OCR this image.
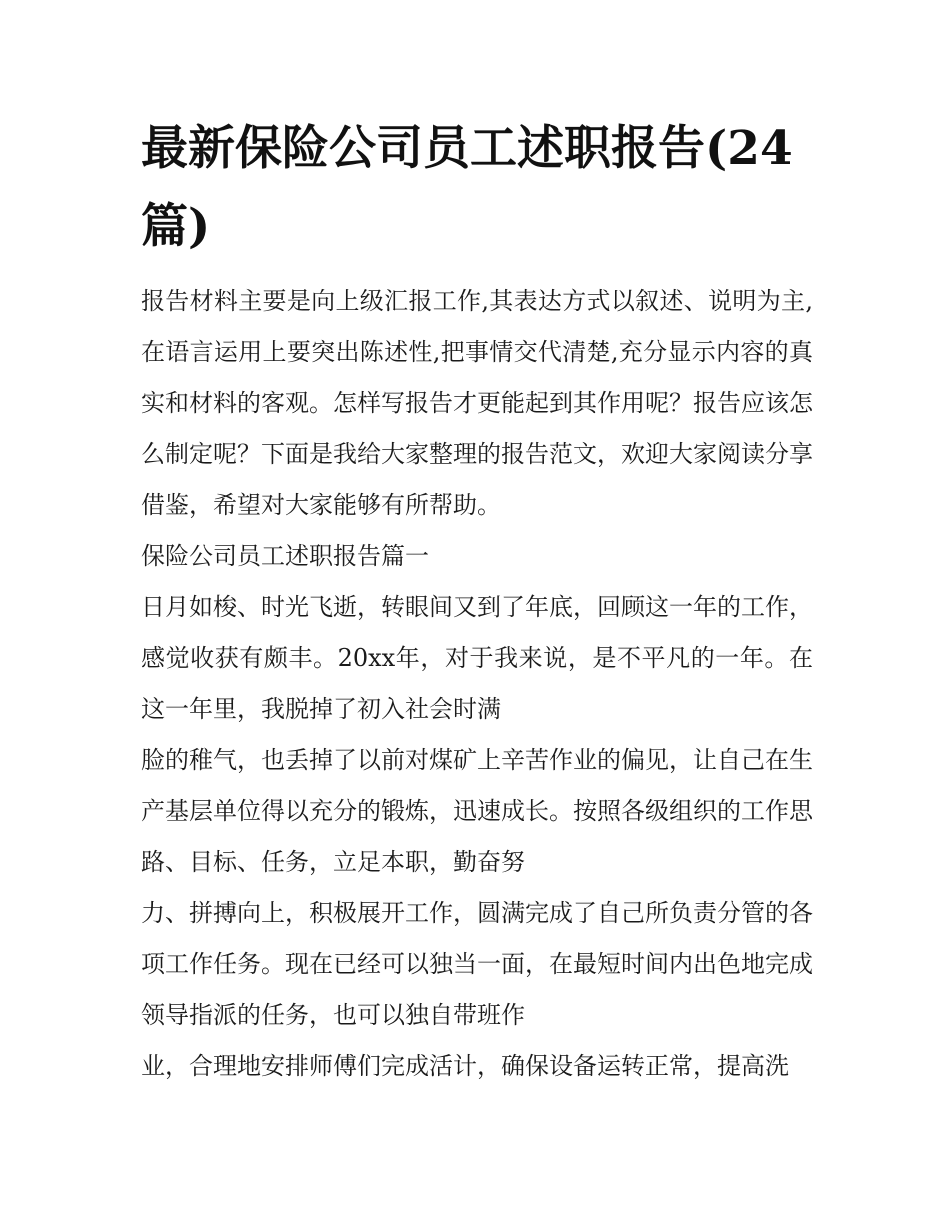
最新保险公司员工述职报告(24篇)

报告材料主要是向上级汇报工作,其表达方式以叙述、说明为主,在语言运用上要突出陈述性,把事情交代清楚,充分显示内容的真实和材料的客观。怎样写报告才更能起到其作用呢？报告应该怎么制定呢？下面是我给大家整理的报告范文，欢迎大家阅读分享借鉴，希望对大家能够有所帮助。

保险公司员工述职报告篇一

日月如梭、时光飞逝，转眼间又到了年底，回顾这一年的工作，感觉收获有颇丰。20xx年，对于我来说，是不平凡的一年。在这一年里，我脱掉了初入社会时满

脸的稚气，也丢掉了以前对煤矿上辛苦作业的偏见，让自己在生产基层单位得以充分的锻炼，迅速成长。按照各级组织的工作思路、目标、任务，立足本职，勤奋努

力、拼搏向上，积极展开工作，圆满完成了自己所负责分管的各项工作任务。现在已经可以独当一面，在最短时间内出色地完成领导指派的任务，也可以独自带班作

业，合理地安排师傅们完成活计，确保设备运转正常，提高洗
